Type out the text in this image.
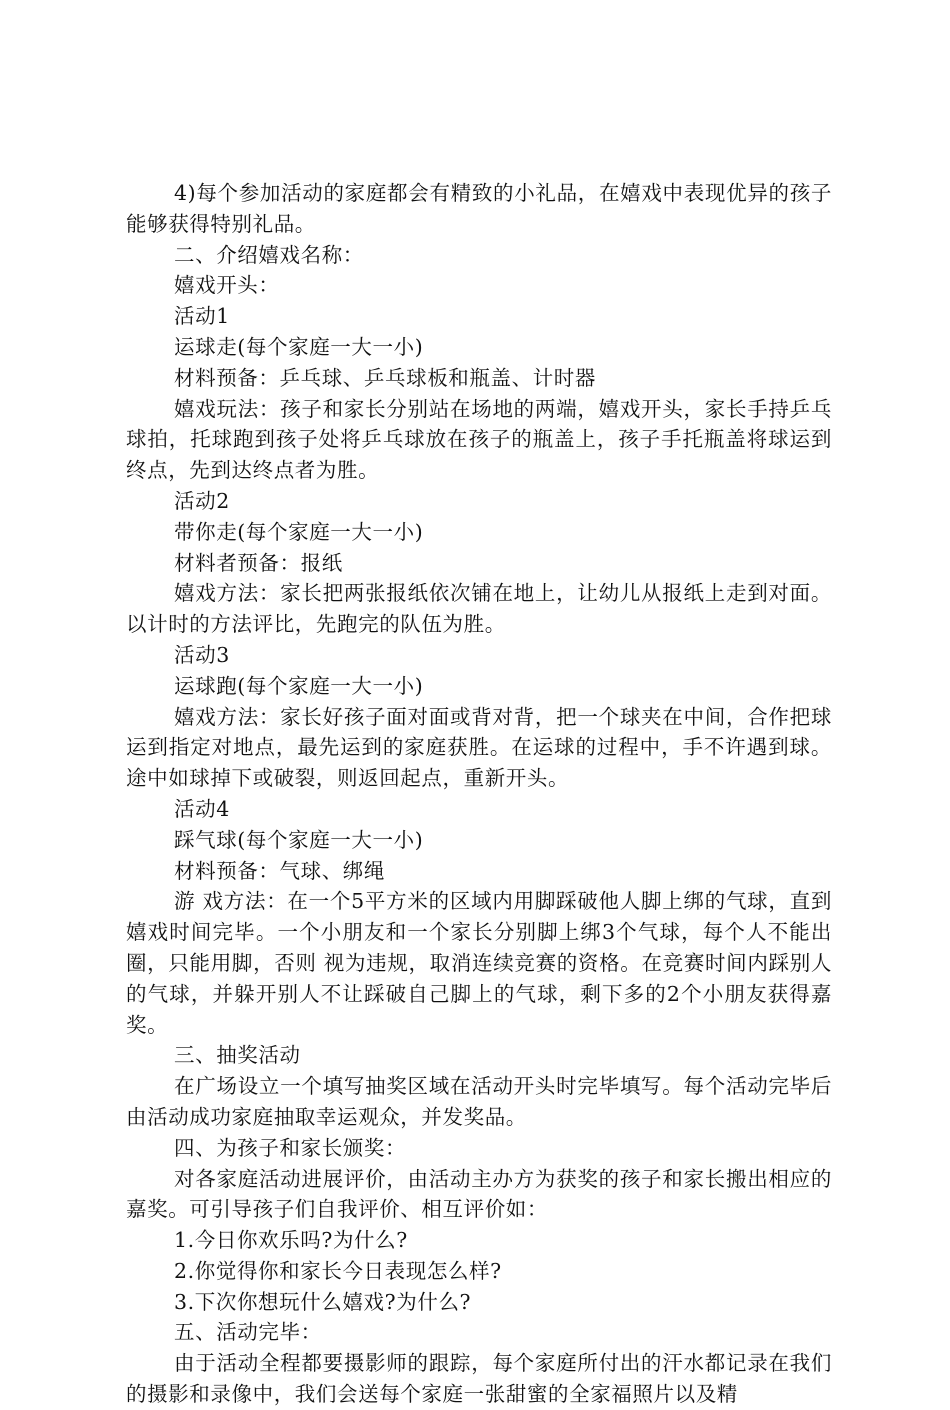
4)每个参加活动的家庭都会有精致的小礼品，在嬉戏中表现优异的孩子能够获得特别礼品。

二、介绍嬉戏名称：

嬉戏开头：

活动1

运球走(每个家庭一大一小)

材料预备：乒乓球、乒乓球板和瓶盖、计时器

嬉戏玩法：孩子和家长分别站在场地的两端，嬉戏开头，家长手持乒乓球拍，托球跑到孩子处将乒乓球放在孩子的瓶盖上，孩子手托瓶盖将球运到终点，先到达终点者为胜。

活动2

带你走(每个家庭一大一小)

材料者预备：报纸

嬉戏方法：家长把两张报纸依次铺在地上，让幼儿从报纸上走到对面。以计时的方法评比，先跑完的队伍为胜。

活动3

运球跑(每个家庭一大一小)

嬉戏方法：家长好孩子面对面或背对背，把一个球夹在中间，合作把球运到指定对地点，最先运到的家庭获胜。在运球的过程中，手不许遇到球。途中如球掉下或破裂，则返回起点，重新开头。

活动4

踩气球(每个家庭一大一小)

材料预备：气球、绑绳

游 戏方法：在一个5平方米的区域内用脚踩破他人脚上绑的气球，直到嬉戏时间完毕。一个小朋友和一个家长分别脚上绑3个气球，每个人不能出圈，只能用脚，否则 视为违规，取消连续竞赛的资格。在竞赛时间内踩别人的气球，并躲开别人不让踩破自己脚上的气球，剩下多的2个小朋友获得嘉奖。

三、抽奖活动

在广场设立一个填写抽奖区域在活动开头时完毕填写。每个活动完毕后由活动成功家庭抽取幸运观众，并发奖品。

四、为孩子和家长颁奖：

对各家庭活动进展评价，由活动主办方为获奖的孩子和家长搬出相应的嘉奖。可引导孩子们自我评价、相互评价如：

1.今日你欢乐吗?为什么?

2.你觉得你和家长今日表现怎么样?

3.下次你想玩什么嬉戏?为什么?

五、活动完毕：

由于活动全程都要摄影师的跟踪，每个家庭所付出的汗水都记录在我们的摄影和录像中，我们会送每个家庭一张甜蜜的全家福照片以及精
